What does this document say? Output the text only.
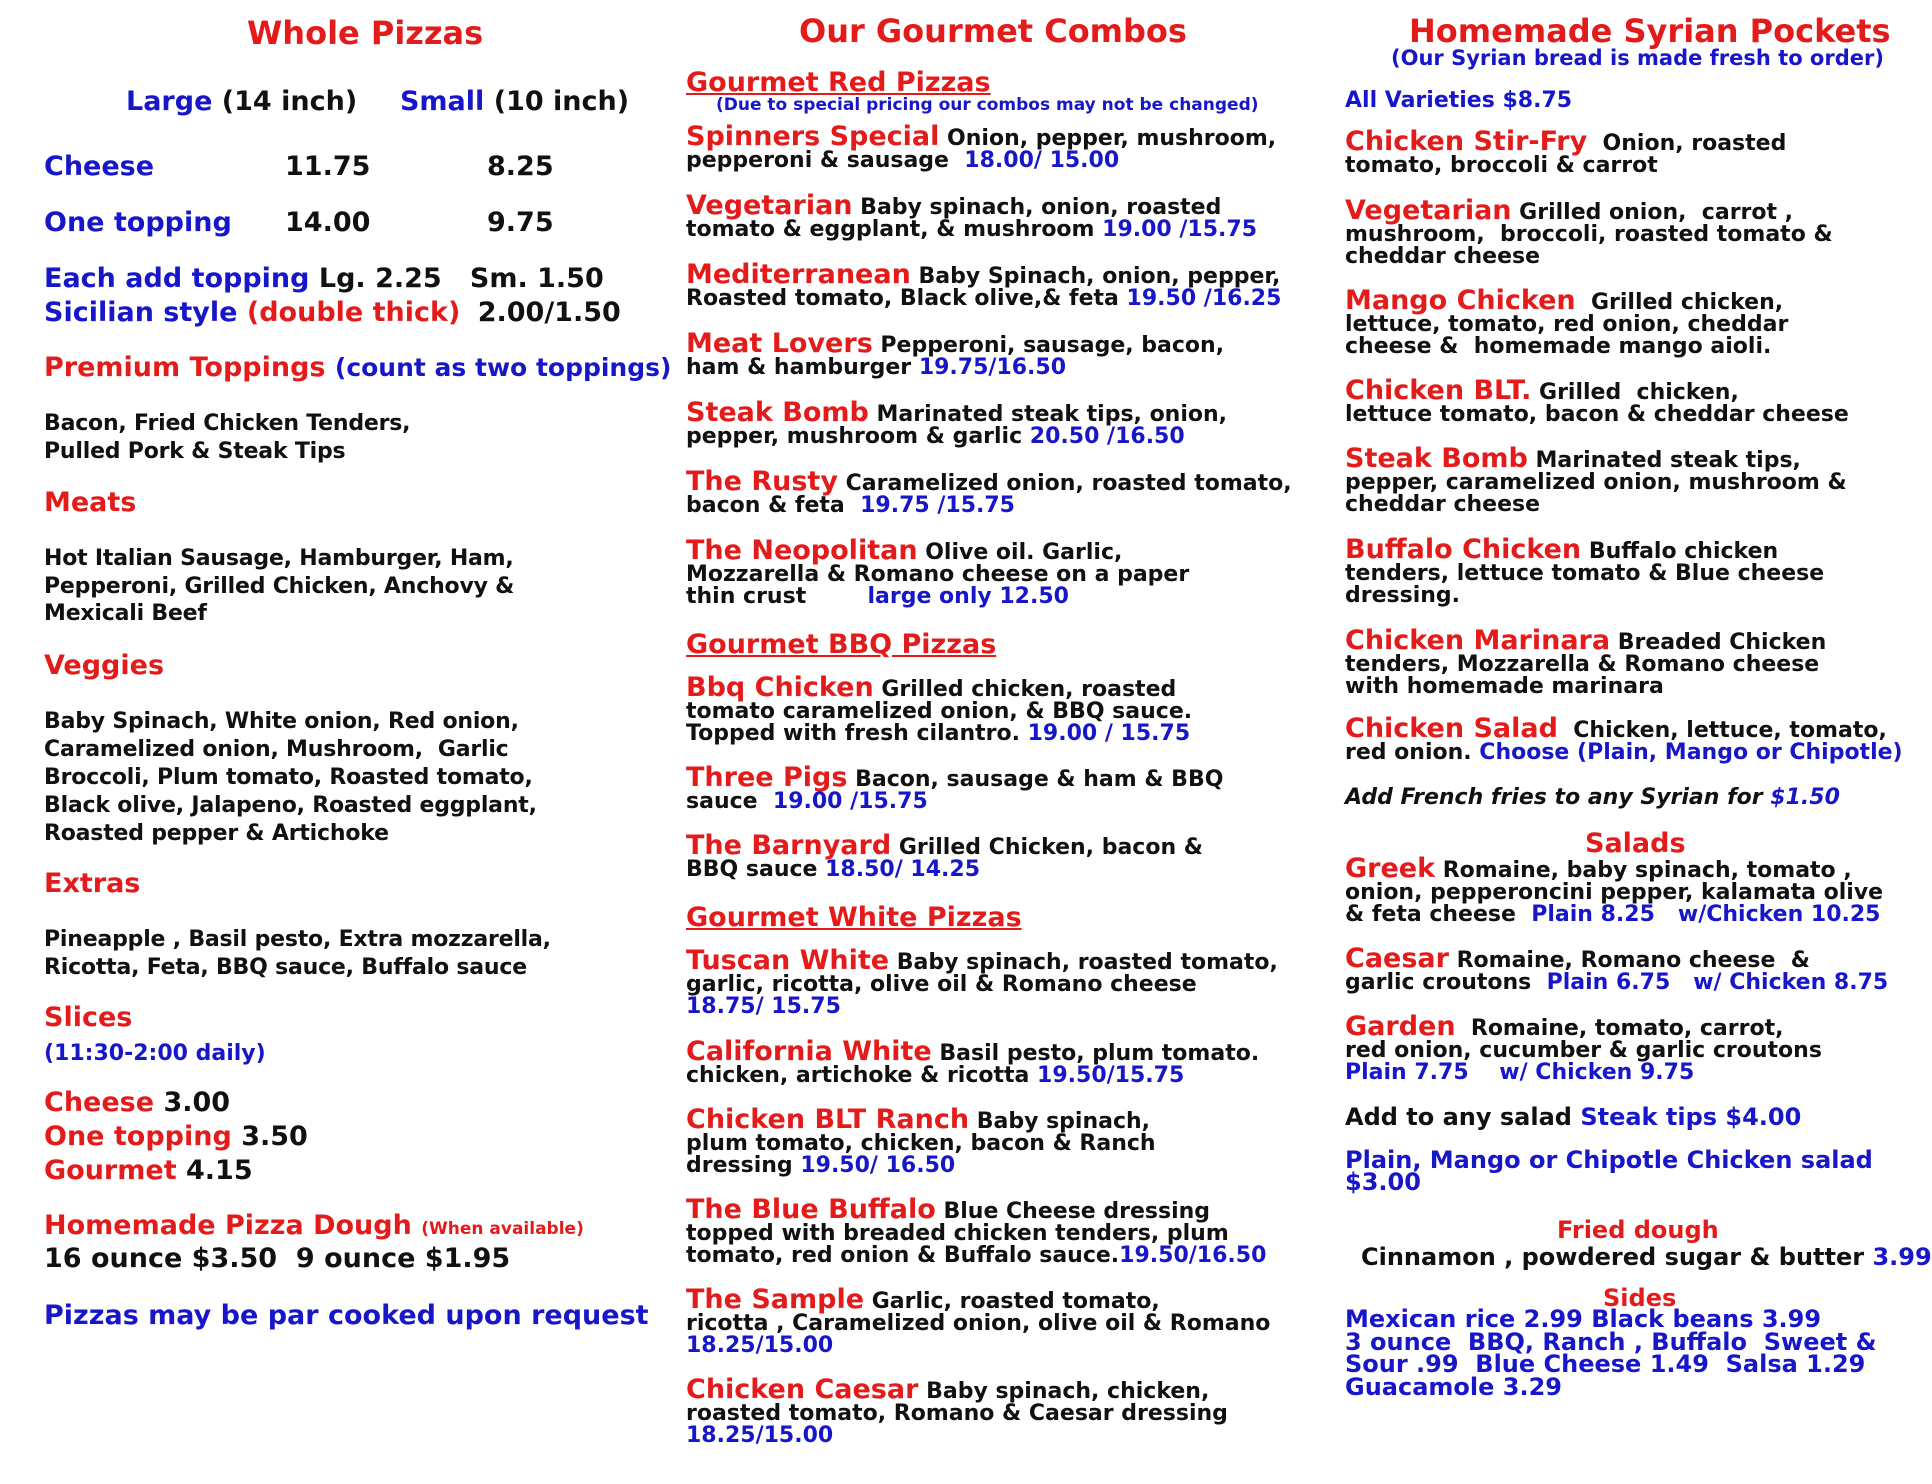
Whole Pizzas
Large (14 inch) Small (10 inch)
Cheese	11.75	8.25
One topping 14.00	9.75
Each add topping Lg. 2.25   Sm. 1.50
Sicilian style (double thick) 2.00/1.50
Premium Toppings (count as two toppings)
Bacon, Fried Chicken Tenders,
Pulled Pork & Steak Tips
Meats
Hot Italian Sausage, Hamburger, Ham,
Pepperoni, Grilled Chicken, Anchovy &
Mexicali Beef
Veggies
Baby Spinach, White onion, Red onion,
Caramelized onion, Mushroom,  Garlic
Broccoli, Plum tomato, Roasted tomato,
Black olive, Jalapeno, Roasted eggplant,
Roasted pepper & Artichoke
Extras
Pineapple , Basil pesto, Extra mozzarella,
Ricotta, Feta, BBQ sauce, Buffalo sauce
Slices
(11:30-2:00 daily)
Cheese 3.00
One topping 3.50
Gourmet 4.15
Homemade Pizza Dough (When available)
16 ounce $3.50  9 ounce $1.95
Pizzas may be par cooked upon request
Our Gourmet Combos
Gourmet Red Pizzas
(Due to special pricing our combos may not be changed)
Spinners Special Onion, pepper, mushroom,
pepperoni & sausage  18.00/ 15.00
Vegetarian Baby spinach, onion, roasted
tomato & eggplant, & mushroom 19.00 /15.75
Mediterranean Baby Spinach, onion, pepper,
Roasted tomato, Black olive,& feta 19.50 /16.25
Meat Lovers Pepperoni, sausage, bacon,
ham & hamburger 19.75/16.50
Steak Bomb Marinated steak tips, onion,
pepper, mushroom & garlic 20.50 /16.50
The Rusty Caramelized onion, roasted tomato,
bacon & feta  19.75 /15.75
The Neopolitan Olive oil. Garlic,
Mozzarella & Romano cheese on a paper
thin crust        large only 12.50
Gourmet BBQ Pizzas
Bbq Chicken Grilled chicken, roasted
tomato caramelized onion, & BBQ sauce.
Topped with fresh cilantro. 19.00 / 15.75
Three Pigs Bacon, sausage & ham & BBQ
sauce  19.00 /15.75
The Barnyard Grilled Chicken, bacon &
BBQ sauce 18.50/ 14.25
Gourmet White Pizzas
Tuscan White Baby spinach, roasted tomato,
garlic, ricotta, olive oil & Romano cheese
18.75/ 15.75
California White Basil pesto, plum tomato.
chicken, artichoke & ricotta 19.50/15.75
Chicken BLT Ranch Baby spinach,
plum tomato, chicken, bacon & Ranch
dressing 19.50/ 16.50
The Blue Buffalo Blue Cheese dressing
topped with breaded chicken tenders, plum
tomato, red onion & Buffalo sauce.19.50/16.50
The Sample Garlic, roasted tomato,
ricotta , Caramelized onion, olive oil & Romano
18.25/15.00
Chicken Caesar Baby spinach, chicken,
roasted tomato, Romano & Caesar dressing
18.25/15.00
Homemade Syrian Pockets
(Our Syrian bread is made fresh to order)
All Varieties $8.75
Chicken Stir-Fry  Onion, roasted
tomato, broccoli & carrot
Vegetarian Grilled onion,  carrot ,
mushroom,  broccoli, roasted tomato &
cheddar cheese
Mango Chicken  Grilled chicken,
lettuce, tomato, red onion, cheddar
cheese &  homemade mango aioli.
Chicken BLT. Grilled  chicken,
lettuce tomato, bacon & cheddar cheese
Steak Bomb Marinated steak tips,
pepper, caramelized onion, mushroom &
cheddar cheese
Buffalo Chicken Buffalo chicken
tenders, lettuce tomato & Blue cheese
dressing.
Chicken Marinara Breaded Chicken
tenders, Mozzarella & Romano cheese
with homemade marinara
Chicken Salad  Chicken, lettuce, tomato,
red onion. Choose (Plain, Mango or Chipotle)
Add French fries to any Syrian for $1.50
Salads
Greek Romaine, baby spinach, tomato ,
onion, pepperoncini pepper, kalamata olive
& feta cheese  Plain 8.25   w/Chicken 10.25
Caesar Romaine, Romano cheese  &
garlic croutons  Plain 6.75   w/ Chicken 8.75
Garden  Romaine, tomato, carrot,
red onion, cucumber & garlic croutons
Plain 7.75    w/ Chicken 9.75
Add to any salad Steak tips $4.00
Plain, Mango or Chipotle Chicken salad
$3.00
Fried dough
Cinnamon , powdered sugar & butter 3.99
Sides
Mexican rice 2.99 Black beans 3.99
3 ounce  BBQ, Ranch , Buffalo  Sweet &
Sour .99  Blue Cheese 1.49  Salsa 1.29
Guacamole 3.29
